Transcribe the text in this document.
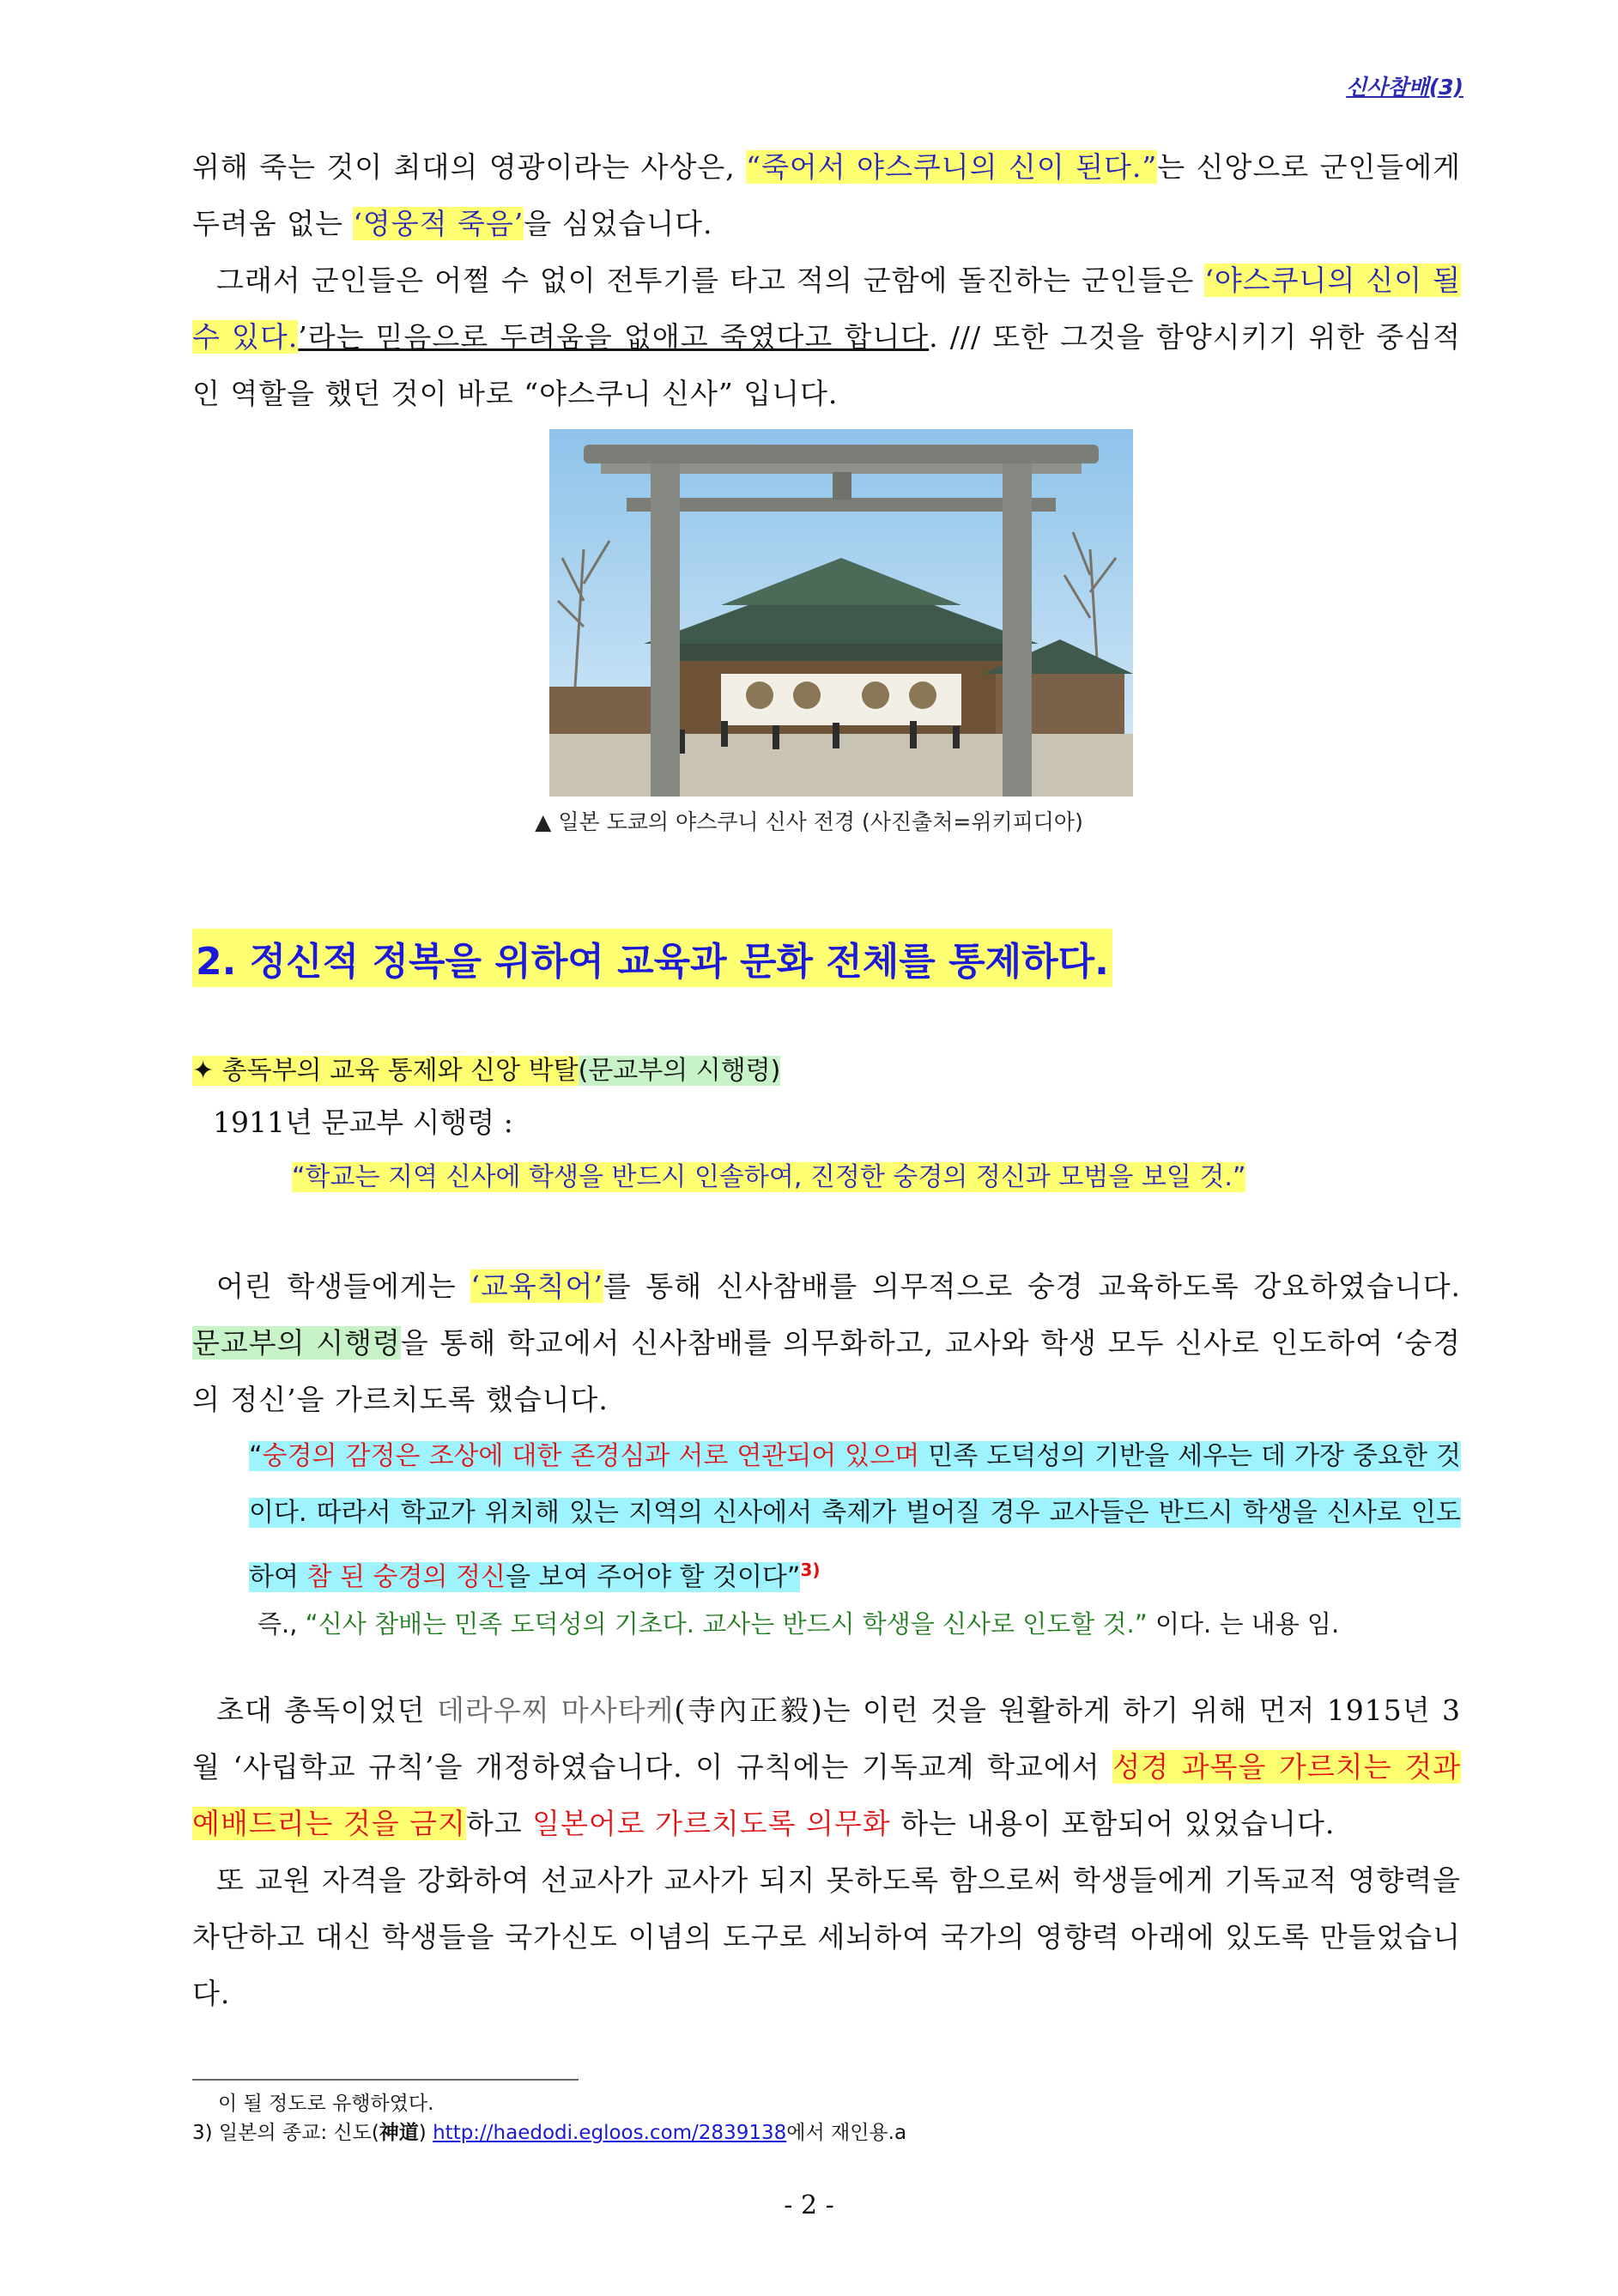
신사참배(3)
위해 죽는 것이 최대의 영광이라는 사상은, “죽어서 야스쿠니의 신이 된다.”는 신앙으로 군인들에게 두려움 없는 ‘영웅적 죽음’을 심었습니다.
그래서 군인들은 어쩔 수 없이 전투기를 타고 적의 군함에 돌진하는 군인들은 ‘야스쿠니의 신이 될 수 있다.’라는 믿음으로 두려움을 없애고 죽였다고 합니다. /// 또한 그것을 함양시키기 위한 중심적인 역할을 했던 것이 바로 “야스쿠니 신사” 입니다.
▲ 일본 도쿄의 야스쿠니 신사 전경 (사진출처=위키피디아)
2. 정신적 정복을 위하여 교육과 문화 전체를 통제하다.
✦ 총독부의 교육 통제와 신앙 박탈(문교부의 시행령)
1911년 문교부 시행령 :
“학교는 지역 신사에 학생을 반드시 인솔하여, 진정한 숭경의 정신과 모범을 보일 것.”
어린 학생들에게는 ‘교육칙어’를 통해 신사참배를 의무적으로 숭경 교육하도록 강요하였습니다. 문교부의 시행령을 통해 학교에서 신사참배를 의무화하고, 교사와 학생 모두 신사로 인도하여 ‘숭경의 정신’을 가르치도록 했습니다.
“숭경의 감정은 조상에 대한 존경심과 서로 연관되어 있으며 민족 도덕성의 기반을 세우는 데 가장 중요한 것이다. 따라서 학교가 위치해 있는 지역의 신사에서 축제가 벌어질 경우 교사들은 반드시 학생을 신사로 인도하여 참 된 숭경의 정신을 보여 주어야 할 것이다”$^{3)}$
즉., “신사 참배는 민족 도덕성의 기초다. 교사는 반드시 학생을 신사로 인도할 것.” 이다. 는 내용 임.
초대 총독이었던 데라우찌 마사타케(寺內正毅)는 이런 것을 원활하게 하기 위해 먼저 1915년 3월 ‘사립학교 규칙’을 개정하였습니다. 이 규칙에는 기독교계 학교에서 성경 과목을 가르치는 것과 예배드리는 것을 금지하고 일본어로 가르치도록 의무화 하는 내용이 포함되어 있었습니다.
또 교원 자격을 강화하여 선교사가 교사가 되지 못하도록 함으로써 학생들에게 기독교적 영향력을 차단하고 대신 학생들을 국가신도 이념의 도구로 세뇌하여 국가의 영향력 아래에 있도록 만들었습니다.
이 될 정도로 유행하였다.
3) 일본의 종교: 신도(神道) http://haedodi.egloos.com/2839138에서 재인용.a
- 2 -
